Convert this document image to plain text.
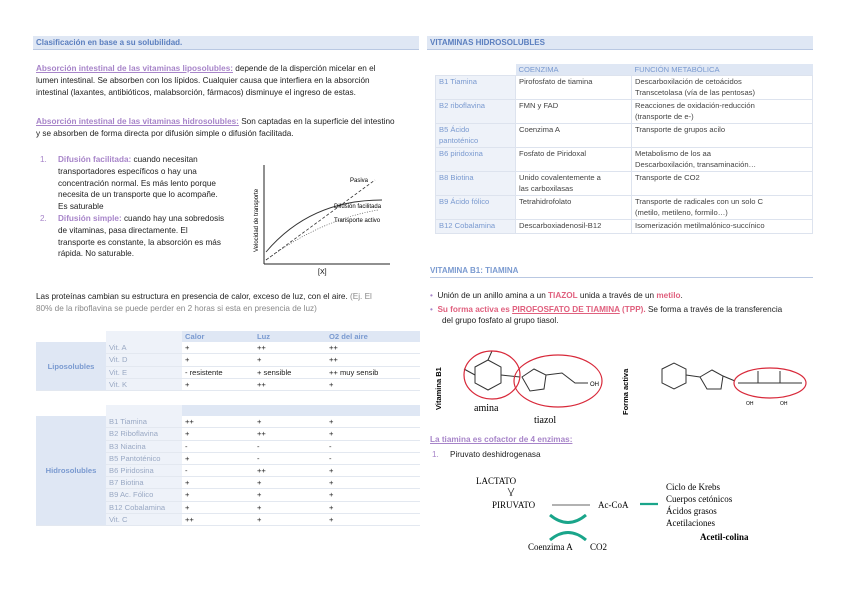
Clasificación en base a su solubilidad.
Absorción intestinal de las vitaminas liposolubles: depende de la disperción micelar en el
lumen intestinal. Se absorben con los lípidos. Cualquier causa que interfiera en la absorción
intestinal (laxantes, antibióticos, malabsorción, fármacos) disminuye el ingreso de estas.
Absorción intestinal de las vitaminas hidrosolubles: Son captadas en la superficie del intestino
y se absorben de forma directa por difusión simple o difusión facilitada.
1. Difusión facilitada: cuando necesitan
transportadores específicos o hay una
concentración normal. Es más lento porque
necesita de un transporte que lo acompañe.
Es saturable
2. Difusión simple: cuando hay una sobredosis
de vitaminas, pasa directamente. El
transporte es constante, la absorción es más
rápida. No saturable.
Velocidad de transporte
[X]
Pasiva
Difusión facilitada
Transporte activo
Las proteínas cambian su estructura en presencia de calor, exceso de luz, con el aire. (Ej. El
80% de la riboflavina se puede perder en 2 horas si esta en presencia de luz)
		Calor	Luz	O2 del aire
Liposolubles	Vit. A	+	++	++
	Vit. D	+	+	++
	Vit. E	- resistente	+ sensible	++ muy sensib
	Vit. K	+	++	+

Hidrosolubles	B1 Tiamina	++	+	+
	B2 Riboflavina	+	++	+
	B3 Niacina	-	-	-
	B5 Pantoténico	+	-	-
	B6 Piridosina	-	++	+
	B7 Biotina	+	+	+
	B9 Ac. Fólico	+	+	+
	B12 Cobalamina	+	+	+
	Vit. C	++	+	+
VITAMINAS HIDROSOLUBLES
	COENZIMA	FUNCIÓN METABÓLICA
B1 Tiamina	Pirofosfato de tiamina	Descarboxilación de cetoácidos
Transcetolasa (vía de las pentosas)
B2 riboflavina	FMN y FAD	Reacciones de oxidación-reducción
(transporte de e-)
B5 Ácido
pantoténico	Coenzima A	Transporte de grupos acilo
B6 piridoxina	Fosfato de Piridoxal	Metabolismo de los aa
Descarboxilación, transaminación…
B8 Biotina	Unido covalentemente a
las carboxilasas	Transporte de CO2
B9 Ácido fólico	Tetrahidrofolato	Transporte de radicales con un solo C
(metilo, metileno, formilo…)
B12 Cobalamina	Descarboxiadenosil-B12	Isomerización metilmalónico-succínico
VITAMINA B1: TIAMINA
• Unión de un anillo amina a un TIAZOL unida a través de un metilo.
• Su forma activa es PIROFOSFATO DE TIAMINA (TPP). Se forma a través de la transferencia
del grupo fosfato al grupo tiasol.
Vitamina B1	OH
amina
tiazol
Forma activa	OH	OH
La tiamina es cofactor de 4 enzimas:
1. Piruvato deshidrogenasa
LACTATO
PIRUVATO	Ac-CoA
Coenzima A CO2
Ciclo de Krebs
Cuerpos cetónicos
Ácidos grasos
Acetilaciones
Acetil-colina
